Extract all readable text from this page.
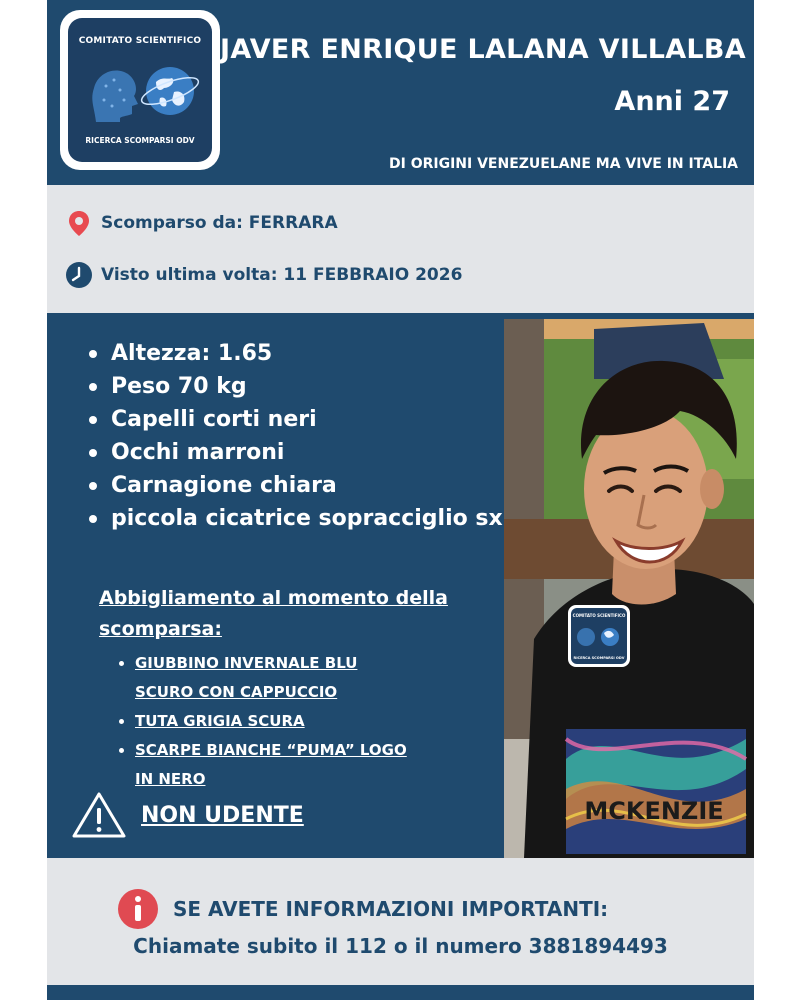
COMITATO SCIENTIFICO
RICERCA SCOMPARSI ODV
JAVER ENRIQUE LALANA VILLALBA
Anni 27
DI ORIGINI VENEZUELANE MA VIVE IN ITALIA
Scomparso da: FERRARA
Visto ultima volta: 11 FEBBRAIO 2026
Altezza: 1.65
Peso 70 kg
Capelli corti neri
Occhi marroni
Carnagione chiara
piccola cicatrice sopracciglio sx
Abbigliamento al momento della scomparsa:
GIUBBINO INVERNALE BLU SCURO CON CAPPUCCIO
TUTA GRIGIA SCURA
SCARPE BIANCHE “PUMA” LOGO IN NERO
NON UDENTE	MCKENZIE
COMITATO SCIENTIFICO
RICERCA SCOMPARSI ODV
SE AVETE INFORMAZIONI IMPORTANTI:
Chiamate subito il 112 o il numero 3881894493
